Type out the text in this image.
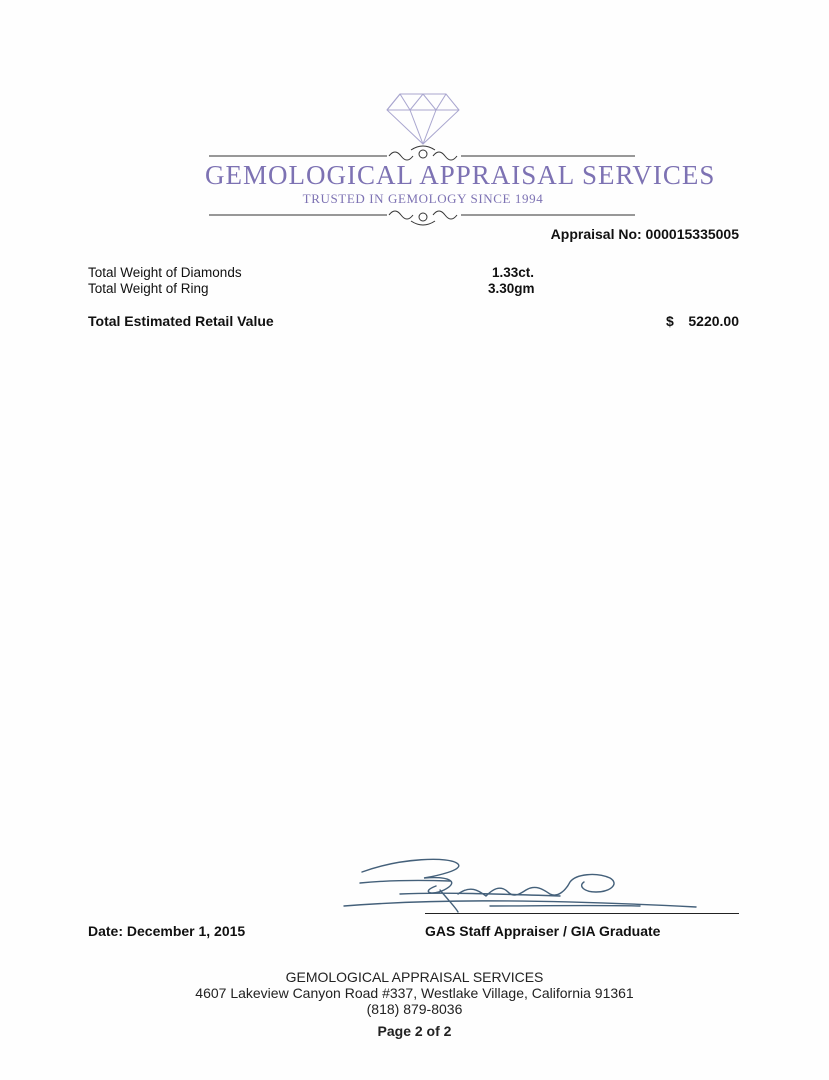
GEMOLOGICAL APPRAISAL SERVICES
TRUSTED IN GEMOLOGY SINCE 1994
Appraisal No: 000015335005
Total Weight of Diamonds	1.33ct.
Total Weight of Ring	3.30gm
Total Estimated Retail Value	$ 5220.00
Date: December 1, 2015	GAS Staff Appraiser / GIA Graduate
GEMOLOGICAL APPRAISAL SERVICES
4607 Lakeview Canyon Road #337, Westlake Village, California 91361
(818) 879-8036
Page 2 of 2
